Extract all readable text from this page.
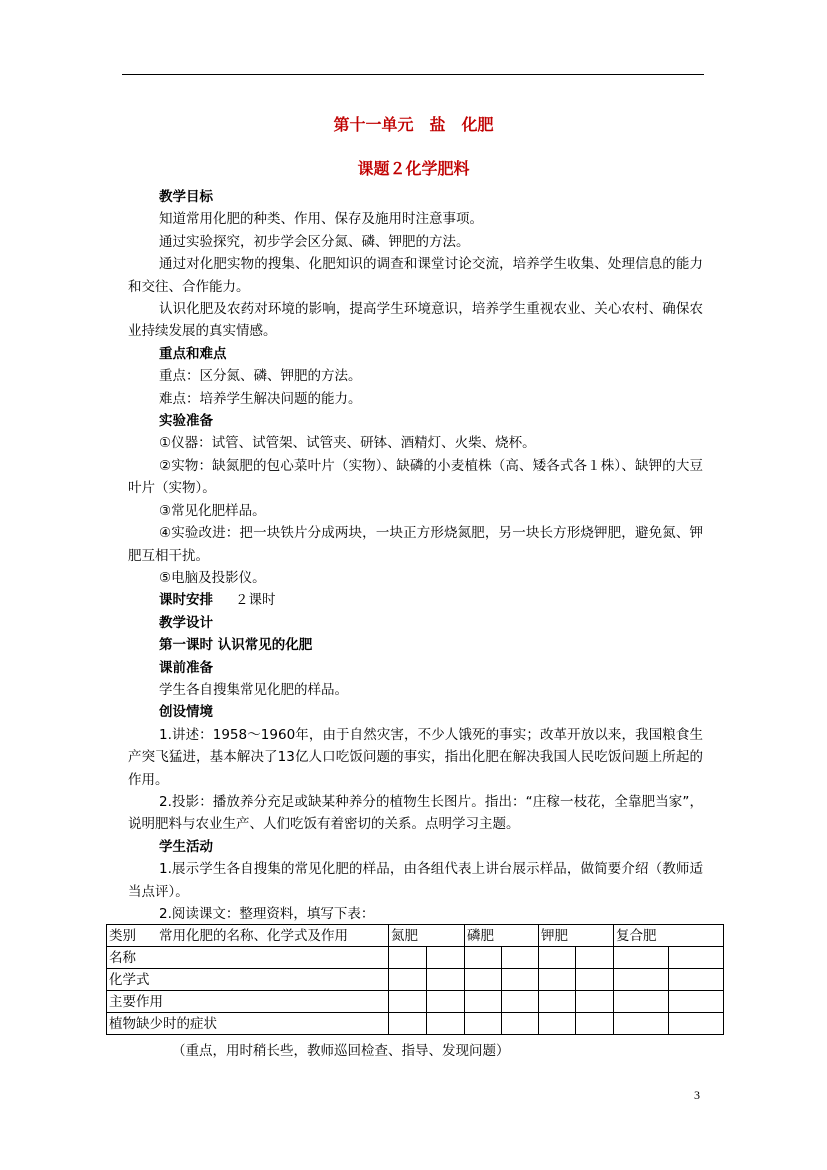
第十一单元　盐　化肥
课题２化学肥料

教学目标

知道常用化肥的种类、作用、保存及施用时注意事项。

通过实验探究，初步学会区分氮、磷、钾肥的方法。

通过对化肥实物的搜集、化肥知识的调查和课堂讨论交流，培养学生收集、处理信息的能力和交往、合作能力。

认识化肥及农药对环境的影响，提高学生环境意识，培养学生重视农业、关心农村、确保农业持续发展的真实情感。

重点和难点

重点：区分氮、磷、钾肥的方法。

难点：培养学生解决问题的能力。

实验准备

①仪器：试管、试管架、试管夹、研钵、酒精灯、火柴、烧杯。

②实物：缺氮肥的包心菜叶片（实物）、缺磷的小麦植株（高、矮各式各１株）、缺钾的大豆叶片（实物）。

③常见化肥样品。

④实验改进：把一块铁片分成两块，一块正方形烧氮肥，另一块长方形烧钾肥，避免氮、钾肥互相干扰。

⑤电脑及投影仪。

课时安排 ２课时

教学设计

第一课时 认识常见的化肥

课前准备

学生各自搜集常见化肥的样品。

创设情境

1.讲述：1958～1960年，由于自然灾害，不少人饿死的事实；改革开放以来，我国粮食生产突飞猛进，基本解决了13亿人口吃饭问题的事实，指出化肥在解决我国人民吃饭问题上所起的作用。

2.投影：播放养分充足或缺某种养分的植物生长图片。指出：“庄稼一枝花，全靠肥当家”，说明肥料与农业生产、人们吃饭有着密切的关系。点明学习主题。

学生活动

1.展示学生各自搜集的常见化肥的样品，由各组代表上讲台展示样品，做简要介绍（教师适当点评）。

2.阅读课文：整理资料，填写下表：

常用化肥的名称、化学式及作用

类别	氮肥		磷肥		钾肥		复合肥	
名称								
化学式								
主要作用								
植物缺少时的症状								
（重点，用时稍长些，教师巡回检查、指导、发现问题）
3
